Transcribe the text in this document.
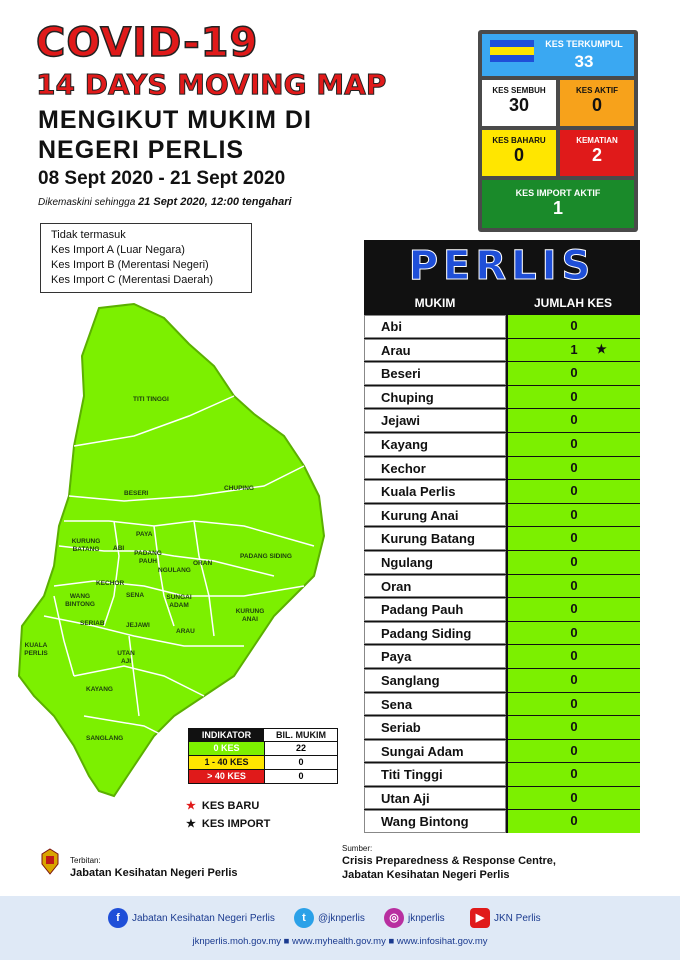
COVID-19
14 DAYS MOVING MAP
MENGIKUT MUKIM DI
NEGERI PERLIS
08 Sept 2020 - 21 Sept 2020
Dikemaskini sehingga 21 Sept 2020, 12:00 tengahari
Tidak termasuk
Kes Import A (Luar Negara)
Kes Import B (Merentasi Negeri)
Kes Import C (Merentasi Daerah)
KES TERKUMPUL
33
KES SEMBUH
30
KES AKTIF
0
KES BAHARU
0
KEMATIAN
2
KES IMPORT AKTIF
1
TITI TINGGI
BESERI
CHUPING
KURUNG BATANG	ABI
PAYA
PADANG PAUH
NGULANG
ORAN
PADANG SIDING
KECHOR
WANG BINTONG
SENA	SUNGAI ADAM
KURUNG ANAI
SERIAB	JEJAWI
ARAU
KUALA PERLIS	UTAN AJI
KAYANG
SANGLANG	INDIKATOR	BIL. MUKIM
0 KES	22
1 - 40 KES	0
> 40 KES	0
★ KES BARU
★ KES IMPORT
PERLIS
MUKIM	JUMLAH KES
Abi	0
Arau	1 ★
Beseri	0
Chuping	0
Jejawi	0
Kayang	0
Kechor	0
Kuala Perlis	0
Kurung Anai	0
Kurung Batang	0
Ngulang	0
Oran	0
Padang Pauh	0
Padang Siding	0
Paya	0
Sanglang	0
Sena	0
Seriab	0
Sungai Adam	0
Titi Tinggi	0
Utan Aji	0
Wang Bintong	0
Terbitan:
Jabatan Kesihatan Negeri Perlis
Sumber:
Crisis Preparedness & Response Centre,
Jabatan Kesihatan Negeri Perlis
f	Jabatan Kesihatan Negeri Perlis	t	@jknperlis	◎ jknperlis	▶ JKN Perlis
jknperlis.moh.gov.my ■ www.myhealth.gov.my ■ www.infosihat.gov.my
